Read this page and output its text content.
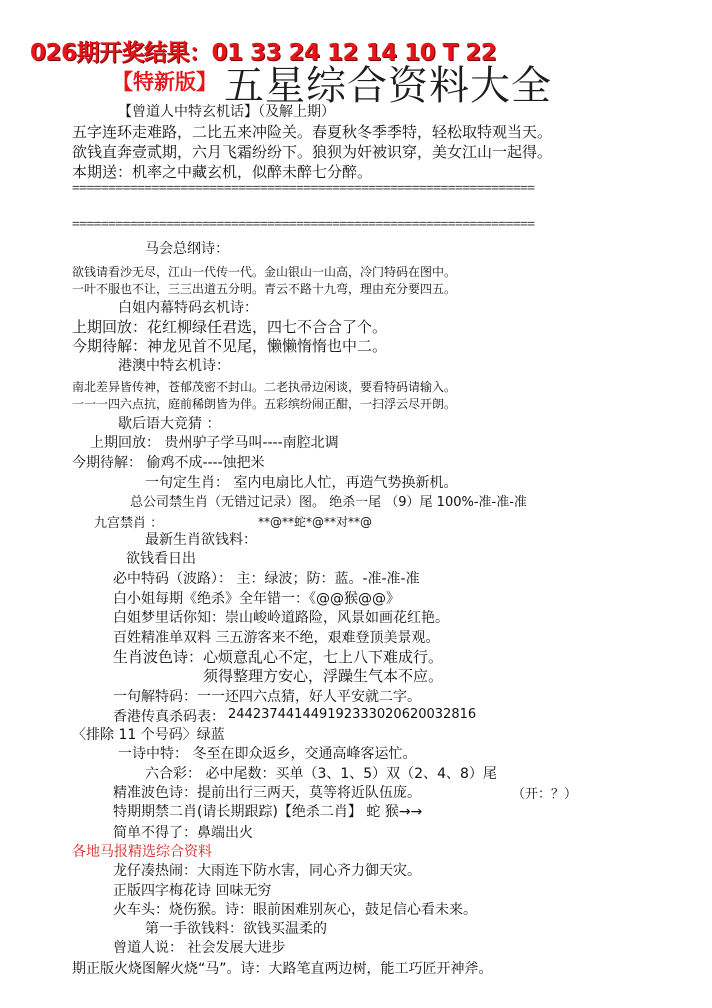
026期开奖结果：01 33 24 12 14 10 T 22
【特新版】 五星综合资料大全
【曾道人中特玄机话】（及解上期）
五字连环走难路，二比五来冲险关。春夏秋冬季季特，轻松取特观当天。
欲钱直奔壹贰期，六月飞霜纷纷下。狼狈为奸被识穿，美女江山一起得。
本期送：机率之中藏玄机，似醉未醉七分醉。
================================================================
================================================================
马会总纲诗：
欲钱请看沙无尽，江山一代传一代。金山银山一山高，冷门特码在图中。
一叶不服也不让，三三出道五分明。青云不路十九弯，理由充分要四五。
白姐内幕特码玄机诗：
上期回放：花红柳绿任君选，四七不合合了个。
今期待解：神龙见首不见尾，懒懒惰惰也中二。
港澳中特玄机诗：
南北差异皆传神，苍郁茂密不封山。二老执帚边闲谈，要看特码请输入。
一一一四六点抗，庭前稀朗皆为伴。五彩缤纷闹正酣，一扫浮云尽开朗。
歇后语大竞猜 ：
上期回放： 贵州驴子学马叫----南腔北调
今期待解： 偷鸡不成----蚀把米
一句定生肖： 室内电扇比人忙，再造气势换新机。
总公司禁生肖（无错过记录）图。 绝杀一尾 （9）尾 100%-准-准-准
九宫禁肖 ：	**@**蛇*@**对**@
最新生肖欲钱料：
欲钱看日出
必中特码（波路）： 主：绿波；防：蓝。-准-准-准
白小姐每期《绝杀》全年错一：《@@猴@@》
白姐梦里话你知：崇山峻岭道路险，风景如画花红艳。
百姓精准单双料 三五游客来不绝，艰难登顶美景观。
生肖波色诗：心烦意乱心不定，七上八下难成行。
须得整理方安心，浮躁生气本不应。
一句解特码：一一还四六点猜，好人平安就二字。
香港传真杀码表： 244237441449192333020620032816
〈排除 11 个号码〉绿蓝
一诗中特： 冬至在即众返乡，交通高峰客运忙。
六合彩： 必中尾数：买单（3、1、5）双（2、4、8）尾
精准波色诗：提前出行三两天，莫等将近队伍庞。	（开：？）
特期期禁二肖(请长期跟踪)【绝杀二肖】 蛇 猴→→
简单不得了：鼻端出火
各地马报精选综合资料
龙仔凑热闹：大雨连下防水害，同心齐力御天灾。
正版四字梅花诗 回味无穷
火车头：烧伤猴。诗：眼前困难别灰心，鼓足信心看未来。
第一手欲钱料：欲钱买温柔的
曾道人说： 社会发展大进步
期正版火烧图解火烧“马”。诗：大路笔直两边树，能工巧匠开神斧。
